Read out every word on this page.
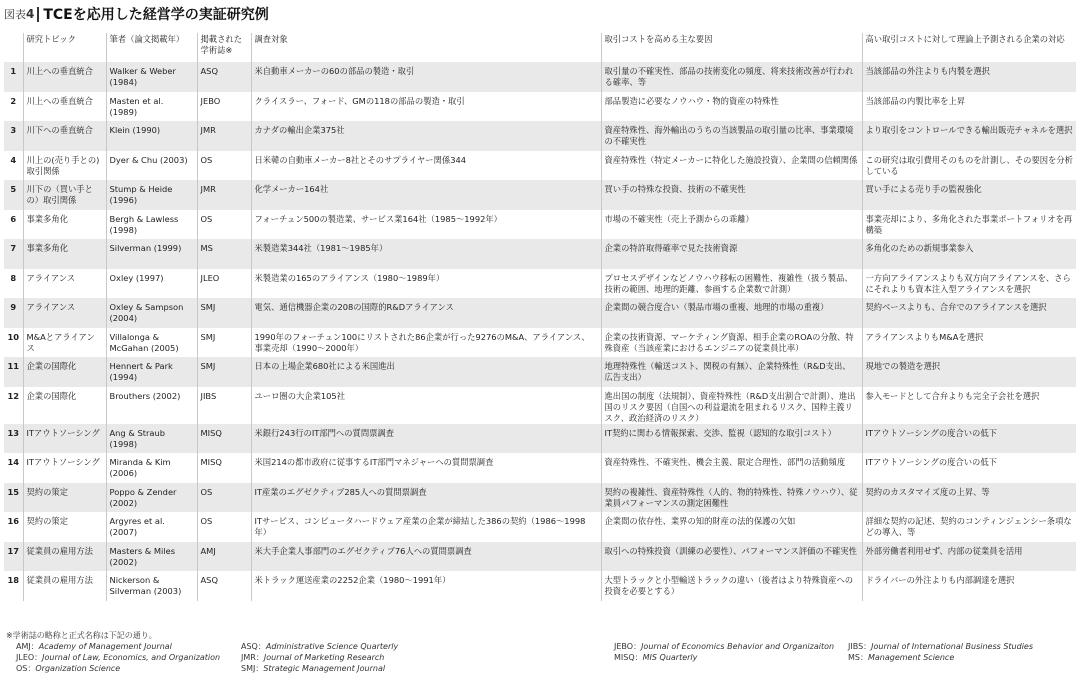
図表4 TCEを応用した経営学の実証研究例
	研究トピック	筆者（論文掲載年）	掲載された学術誌※	調査対象	取引コストを高める主な要因	高い取引コストに対して理論上予測される企業の対応
1	川上への垂直統合	Walker & Weber (1984)	ASQ	米自動車メーカーの60の部品の製造・取引	取引量の不確実性、部品の技術変化の頻度、将来技術改善が行われる確率、等	当該部品の外注よりも内製を選択
2	川上への垂直統合	Masten et al. (1989)	JEBO	クライスラー、フォード、GMの118の部品の製造・取引	部品製造に必要なノウハウ・物的資産の特殊性	当該部品の内製比率を上昇
3	川下への垂直統合	Klein (1990)	JMR	カナダの輸出企業375社	資産特殊性、海外輸出のうちの当該製品の取引量の比率、事業環境の不確実性	より取引をコントロールできる輸出販売チャネルを選択
4	川上の(売り手との)取引関係	Dyer & Chu (2003)	OS	日米韓の自動車メーカー8社とそのサプライヤー関係344	資産特殊性（特定メーカーに特化した施設投資）、企業間の信頼関係	この研究は取引費用そのものを計測し、その要因を分析している
5	川下の（買い手との）取引関係	Stump & Heide (1996)	JMR	化学メーカー164社	買い手の特殊な投資、技術の不確実性	買い手による売り手の監視強化
6	事業多角化	Bergh & Lawless (1998)	OS	フォーチュン500の製造業、サービス業164社（1985〜1992年）	市場の不確実性（売上予測からの乖離）	事業売却により、多角化された事業ポートフォリオを再構築
7	事業多角化	Silverman (1999)	MS	米製造業344社（1981〜1985年）	企業の特許取得確率で見た技術資源	多角化のための新規事業参入
8	アライアンス	Oxley (1997)	JLEO	米製造業の165のアライアンス（1980〜1989年）	プロセスデザインなどノウハウ移転の困難性、複雑性（扱う製品、技術の範囲、地理的距離、参画する企業数で計測）	一方向アライアンスよりも双方向アライアンスを、さらにそれよりも資本注入型アライアンスを選択
9	アライアンス	Oxley & Sampson (2004)	SMJ	電気、通信機器企業の208の国際的R&Dアライアンス	企業間の競合度合い（製品市場の重複、地理的市場の重複）	契約ベースよりも、合弁でのアライアンスを選択
10	M&Aとアライアンス	Villalonga & McGahan (2005)	SMJ	1990年のフォーチュン100にリストされた86企業が行った9276のM&A、アライアンス、事業売却（1990〜2000年）	企業の技術資源、マーケティング資源、相手企業のROAの分散、特殊資産（当該産業におけるエンジニアの従業員比率）	アライアンスよりもM&Aを選択
11	企業の国際化	Hennert & Park (1994)	SMJ	日本の上場企業680社による米国進出	地理特殊性（輸送コスト、関税の有無）、企業特殊性（R&D支出、広告支出）	現地での製造を選択
12	企業の国際化	Brouthers (2002)	JIBS	ユーロ圏の大企業105社	進出国の制度（法規制）、資産特殊性（R&D支出割合で計測）、進出国のリスク要因（自国への利益還流を阻まれるリスク、国粋主義リスク、政治経済のリスク）	参入モードとして合弁よりも完全子会社を選択
13	ITアウトソーシング	Ang & Straub (1998)	MISQ	米銀行243行のIT部門への質問票調査	IT契約に関わる情報探索、交渉、監視（認知的な取引コスト）	ITアウトソーシングの度合いの低下
14	ITアウトソーシング	Miranda & Kim (2006)	MISQ	米国214の都市政府に従事するIT部門マネジャーへの質問票調査	資産特殊性、不確実性、機会主義、限定合理性、部門の活動頻度	ITアウトソーシングの度合いの低下
15	契約の策定	Poppo & Zender (2002)	OS	IT産業のエグゼクティブ285人への質問票調査	契約の複雑性、資産特殊性（人的、物的特殊性、特殊ノウハウ）、従業員パフォーマンスの測定困難性	契約のカスタマイズ度の上昇、等
16	契約の策定	Argyres et al. (2007)	OS	ITサービス、コンピュータハードウェア産業の企業が締結した386の契約（1986〜1998年）	企業間の依存性、業界の知的財産の法的保護の欠如	詳細な契約の記述、契約のコンティンジェンシー条項などの導入、等
17	従業員の雇用方法	Masters & Miles (2002)	AMJ	米大手企業人事部門のエグゼクティブ76人への質問票調査	取引への特殊投資（訓練の必要性）、パフォーマンス評価の不確実性	外部労働者利用せず、内部の従業員を活用
18	従業員の雇用方法	Nickerson & Silverman (2003)	ASQ	米トラック運送産業の2252企業（1980〜1991年）	大型トラックと小型輸送トラックの違い（後者はより特殊資産への投資を必要とする）	ドライバーの外注よりも内部調達を選択
※学術誌の略称と正式名称は下記の通り。
AMJ：Academy of Management Journal
JLEO：Journal of Law, Economics, and Organization
OS：Organization Science
ASQ：Administrative Science Quarterly
JMR：Journal of Marketing Research
SMJ：Strategic Management Journal
JEBO：Journal of Economics Behavior and Organizaiton
MISQ：MIS Quarterly
JIBS：Journal of International Business Studies
MS：Management Science
